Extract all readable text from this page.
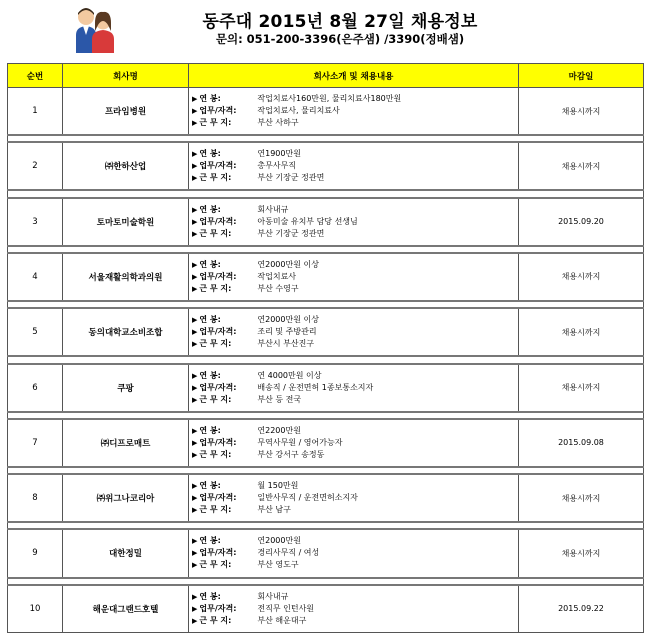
동주대 2015년 8월 27일 채용정보
문의: 051-200-3396(은주샘) /3390(정배샘)
순번	회사명	회사소개 및 채용내용	마감일
1	프라임병원	▶ 연 봉: 작업치료사160만원, 물리치료사180만원
▶ 업무/자격: 작업치료사, 물리치료사
▶ 근 무 지: 부산 사하구	채용시까지

2	㈜한하산업	▶ 연 봉: 연1900만원
▶ 업무/자격: 총무사무직
▶ 근 무 지: 부산 기장군 정관면	채용시까지

3	토마토미술학원	▶ 연 봉: 회사내규
▶ 업무/자격: 아동미술 유치부 담당 선생님
▶ 근 무 지: 부산 기장군 정관면	2015.09.20

4	서울재활의학과의원	▶ 연 봉: 연2000만원 이상
▶ 업무/자격: 작업치료사
▶ 근 무 지: 부산 수영구	채용시까지

5	동의대학교소비조합	▶ 연 봉: 연2000만원 이상
▶ 업무/자격: 조리 및 주방관리
▶ 근 무 지: 부산시 부산진구	채용시까지

6	쿠팡	▶ 연 봉: 연 4000만원 이상
▶ 업무/자격: 배송직 / 운전면허 1종보통소지자
▶ 근 무 지: 부산 등 전국	채용시까지

7	㈜디프로매트	▶ 연 봉: 연2200만원
▶ 업무/자격: 무역사무원 / 영어가능자
▶ 근 무 지: 부산 강서구 송정동	2015.09.08

8	㈜위그나코리아	▶ 연 봉: 월 150만원
▶ 업무/자격: 일반사무직 / 운전면허소지자
▶ 근 무 지: 부산 남구	채용시까지

9	대한정밀	▶ 연 봉: 연2000만원
▶ 업무/자격: 경리사무직 / 여성
▶ 근 무 지: 부산 영도구	채용시까지

10	해운대그랜드호텔	▶ 연 봉: 회사내규
▶ 업무/자격: 전직무 인턴사원
▶ 근 무 지: 부산 해운대구	2015.09.22
